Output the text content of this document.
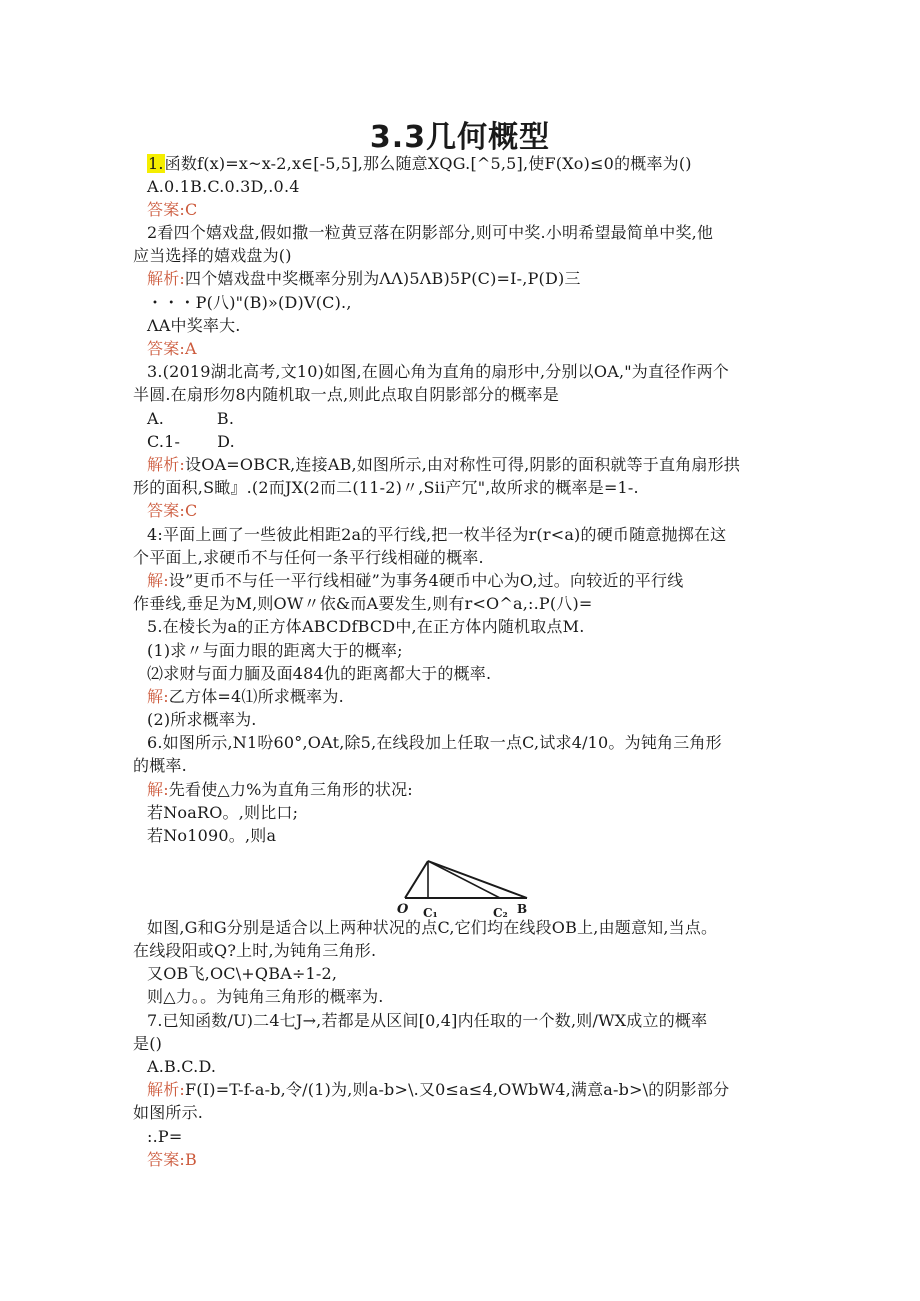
3.3几何概型

1.函数f(x)=x~x-2,x∈[-5,5],那么随意XQG.[^5,5],使F(Xo)≤0的概率为()

A.0.1B.C.0.3D,.0.4

答案:C

2看四个嬉戏盘,假如撒一粒黄豆落在阴影部分,则可中奖.小明希望最简单中奖,他

应当选择的嬉戏盘为()

解析:四个嬉戏盘中奖概率分别为ΛΛ)5ΛB)5P(C)=I-,P(D)三

・・・P(八)"(B)»(D)V(C).,

ΛA中奖率大.

答案:A

3.(2019湖北高考,文10)如图,在圆心角为直角的扇形中,分别以OA,"为直径作两个

半圆.在扇形勿8内随机取一点,则此点取自阴影部分的概率是

A.          B.

C.1-       D.

解析:设OA=OBCR,连接AB,如图所示,由对称性可得,阴影的面积就等于直角扇形拱

形的面积,S瞰』.(2而JX(2而二(11-2)〃,Sii产冗",故所求的概率是=1-.

答案:C

4:平面上画了一些彼此相距2a的平行线,把一枚半径为r(r<a)的硬币随意抛掷在这

个平面上,求硬币不与任何一条平行线相碰的概率.

解:设”更币不与任一平行线相碰”为事务4硬币中心为O,过。向较近的平行线

作垂线,垂足为M,则OW〃依&而A要发生,则有r<O^a,:.P(八)=

5.在棱长为a的正方体ABCDfBCD中,在正方体内随机取点M.

(1)求〃与面力眼的距离大于的概率;

⑵求财与面力腼及面484仇的距离都大于的概率.

解:乙方体=4⑴所求概率为.

(2)所求概率为.

6.如图所示,N1吩60°,OAt,除5,在线段加上任取一点C,试求4/10。为钝角三角形

的概率.

解:先看使△力%为直角三角形的状况:

若NoaRO。,则比口;

若No1090。,则a

O C₁	C₂ B

如图,G和G分别是适合以上两种状况的点C,它们均在线段OB上,由题意知,当点。

在线段阳或Q?上时,为钝角三角形.

又OB飞,OC\+QBA÷1-2,

则△力。。为钝角三角形的概率为.

7.已知函数/U)二4七J→,若都是从区间[0,4]内任取的一个数,则/WX成立的概率

是()

A.B.C.D.

解析:F(I)=T-f-a-b,令/(1)为,则a-b>\.又0≤a≤4,OWbW4,满意a-b>\的阴影部分

如图所示.

:.P=

答案:B
